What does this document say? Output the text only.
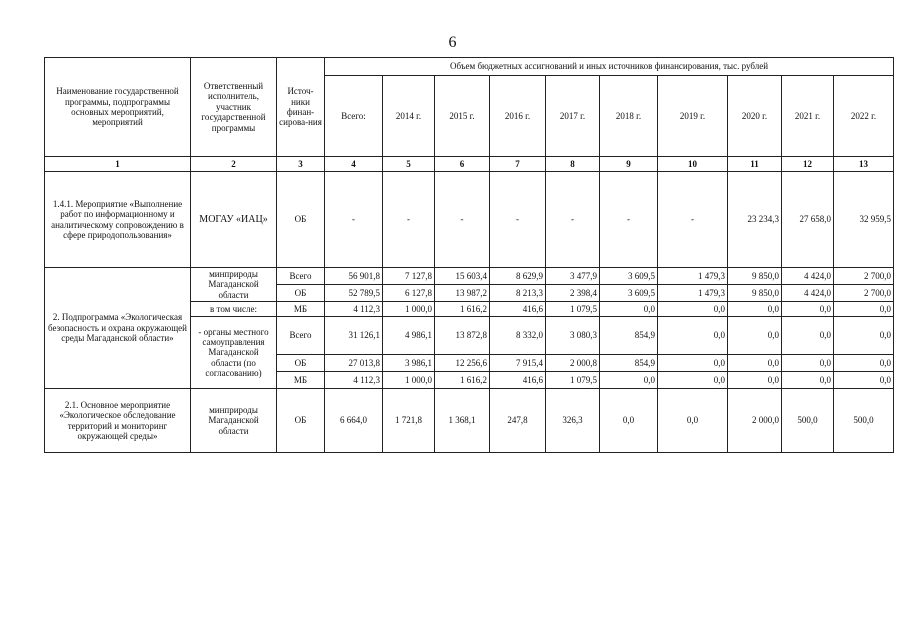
6
Наименование государственной программы, подпрограммы основных мероприятий, мероприятий	Ответственный исполнитель, участник государственной программы	Источ-ники финан-сирова-ния	Объем бюджетных ассигнований и иных источников финансирования, тыс. рублей									
			Всего:	2014 г.	2015 г.	2016 г.	2017 г.	2018 г.	2019 г.	2020 г.	2021 г.	2022 г.
1	2	3	4	5	6	7	8	9	10	11	12	13
1.4.1. Мероприятие «Выполнение работ по информационному и аналитическому сопровождению в сфере природопользования»	МОГАУ «ИАЦ»	ОБ	-	-	-	-	-	-	-	23 234,3	27 658,0	32 959,5
2. Подпрограмма «Экологическая безопасность и охрана окружающей среды Магаданской области»	минприроды Магаданской области	Всего	56 901,8	7 127,8	15 603,4	8 629,9	3 477,9	3 609,5	1 479,3	9 850,0	4 424,0	2 700,0
		ОБ	52 789,5	6 127,8	13 987,2	8 213,3	2 398,4	3 609,5	1 479,3	9 850,0	4 424,0	2 700,0
	в том числе:	МБ	4 112,3	1 000,0	1 616,2	416,6	1 079,5	0,0	0,0	0,0	0,0	0,0
	- органы местного самоуправления Магаданской области (по согласованию)	Всего	31 126,1	4 986,1	13 872,8	8 332,0	3 080,3	854,9	0,0	0,0	0,0	0,0
		ОБ	27 013,8	3 986,1	12 256,6	7 915,4	2 000,8	854,9	0,0	0,0	0,0	0,0
		МБ	4 112,3	1 000,0	1 616,2	416,6	1 079,5	0,0	0,0	0,0	0,0	0,0
2.1. Основное мероприятие «Экологическое обследование территорий и мониторинг окружающей среды»	минприроды Магаданской области	ОБ	6 664,0	1 721,8	1 368,1	247,8	326,3	0,0	0,0	2 000,0	500,0	500,0
